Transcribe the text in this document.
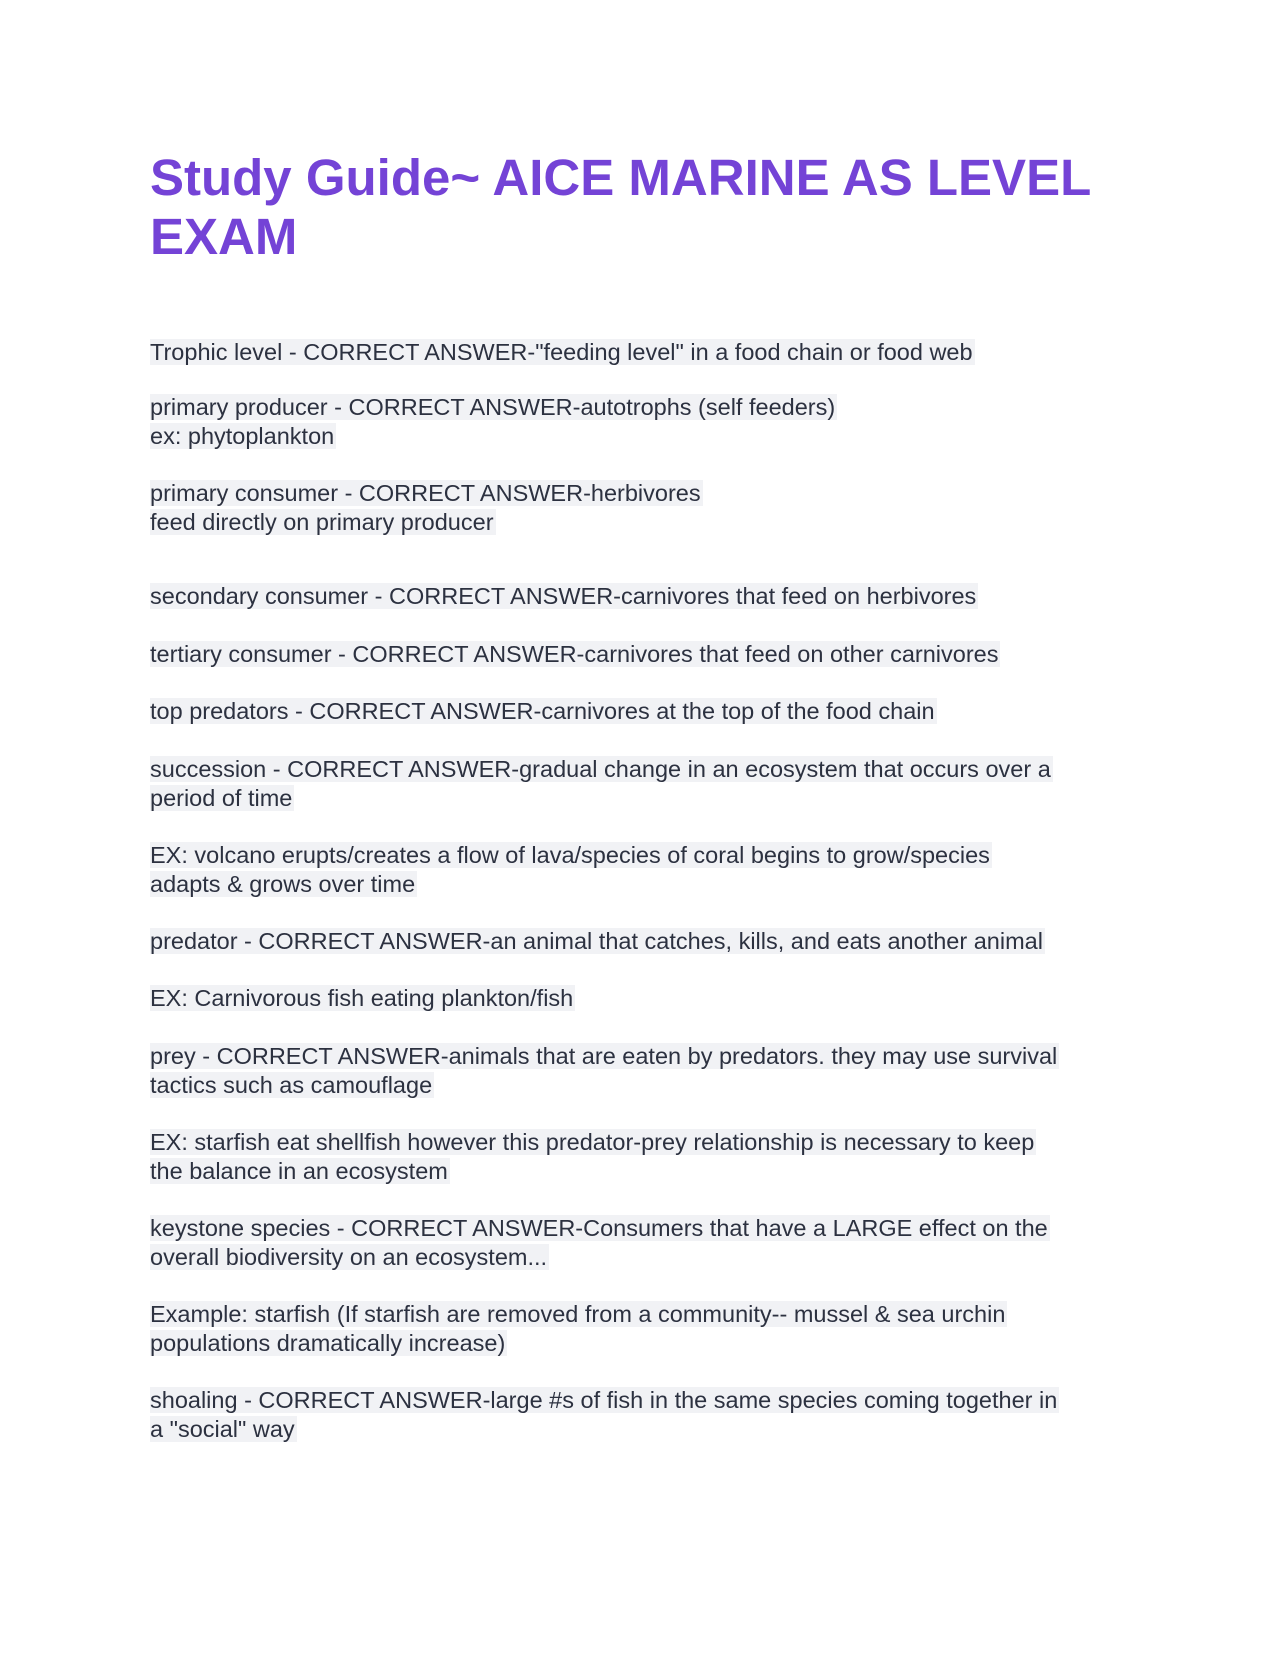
Study Guide~ AICE MARINE AS LEVEL EXAM

Trophic level - CORRECT ANSWER-"feeding level" in a food chain or food web

primary producer - CORRECT ANSWER-autotrophs (self feeders)
ex: phytoplankton

primary consumer - CORRECT ANSWER-herbivores
feed directly on primary producer

secondary consumer - CORRECT ANSWER-carnivores that feed on herbivores

tertiary consumer - CORRECT ANSWER-carnivores that feed on other carnivores

top predators - CORRECT ANSWER-carnivores at the top of the food chain

succession - CORRECT ANSWER-gradual change in an ecosystem that occurs over a
period of time

EX: volcano erupts/creates a flow of lava/species of coral begins to grow/species
adapts & grows over time

predator - CORRECT ANSWER-an animal that catches, kills, and eats another animal

EX: Carnivorous fish eating plankton/fish

prey - CORRECT ANSWER-animals that are eaten by predators. they may use survival
tactics such as camouflage

EX: starfish eat shellfish however this predator-prey relationship is necessary to keep
the balance in an ecosystem

keystone species - CORRECT ANSWER-Consumers that have a LARGE effect on the
overall biodiversity on an ecosystem...

Example: starfish (If starfish are removed from a community-- mussel & sea urchin
populations dramatically increase)

shoaling - CORRECT ANSWER-large #s of fish in the same species coming together in
a "social" way
